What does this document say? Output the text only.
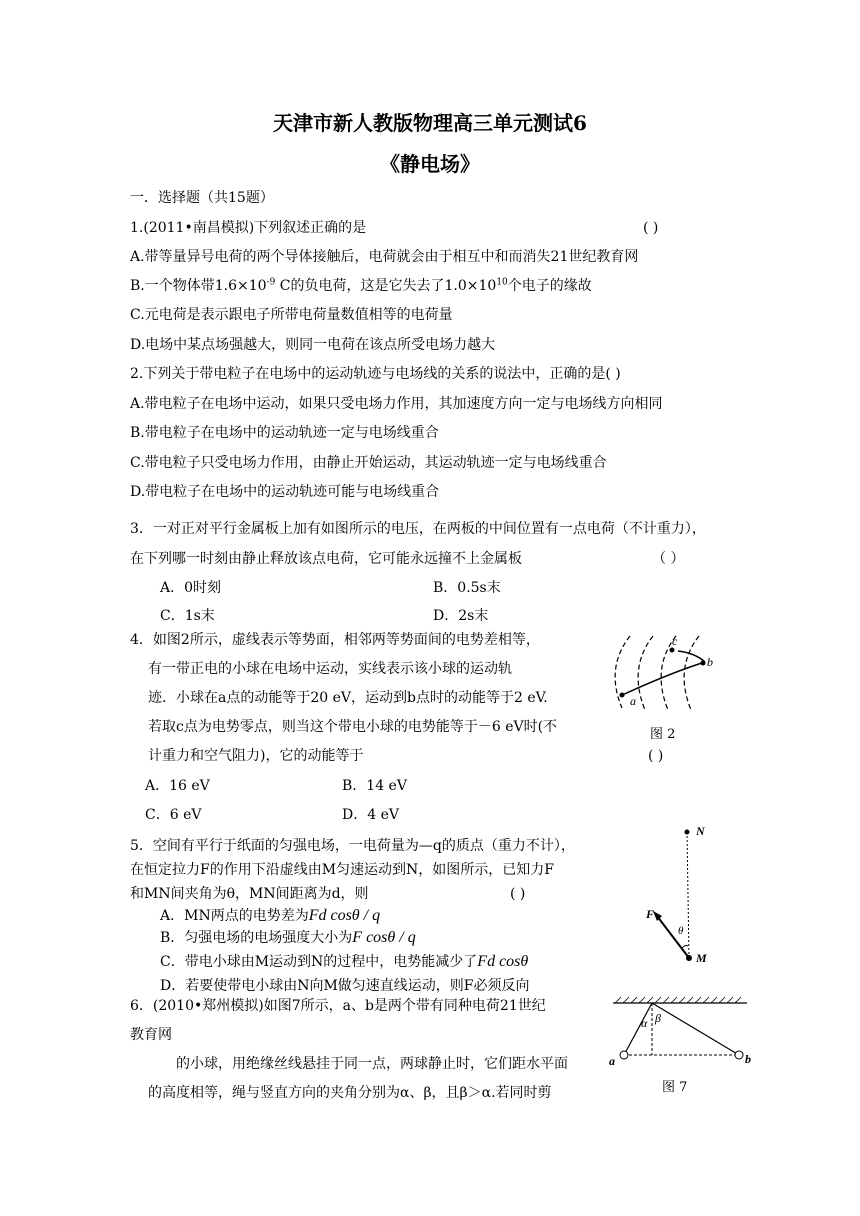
天津市新人教版物理高三单元测试6
《静电场》
一．选择题（共15题）
1.(2011•南昌模拟)下列叙述正确的是	( )
A.带等量异号电荷的两个导体接触后，电荷就会由于相互中和而消失21世纪教育网
B.一个物体带$1.6\times 10^{-9}$ C的负电荷，这是它失去了$1.0\times 10^{10}$个电子的缘故
C.元电荷是表示跟电子所带电荷量数值相等的电荷量
D.电场中某点场强越大，则同一电荷在该点所受电场力越大
2.下列关于带电粒子在电场中的运动轨迹与电场线的关系的说法中，正确的是( )
A.带电粒子在电场中运动，如果只受电场力作用，其加速度方向一定与电场线方向相同
B.带电粒子在电场中的运动轨迹一定与电场线重合
C.带电粒子只受电场力作用，由静止开始运动，其运动轨迹一定与电场线重合
D.带电粒子在电场中的运动轨迹可能与电场线重合
3．一对正对平行金属板上加有如图所示的电压，在两板的中间位置有一点电荷（不计重力），
在下列哪一时刻由静止释放该点电荷，它可能永远撞不上金属板	（ ）
A．0时刻	B．0.5s末
C．1s末	D．2s末
4．如图2所示，虚线表示等势面，相邻两等势面间的电势差相等，
有一带正电的小球在电场中运动，实线表示该小球的运动轨
迹．小球在a点的动能等于20 eV，运动到b点时的动能等于2 eV.
若取c点为电势零点，则当这个带电小球的电势能等于－6 eV时(不
计重力和空气阻力)，它的动能等于	( )
A．16 eV	B．14 eV
C．6 eV	D．4 eV
c
b
a
图 2
5．空间有平行于纸面的匀强电场，一电荷量为—q的质点（重力不计），
在恒定拉力F的作用下沿虚线由M匀速运动到N，如图所示，已知力F
和MN间夹角为θ，MN间距离为d，则	( )
A．MN两点的电势差为Fd cosθ / q
B．匀强电场的电场强度大小为F cosθ / q
C．带电小球由M运动到N的过程中，电势能减少了Fd cosθ
D．若要使带电小球由N向M做匀速直线运动，则F必须反向
N
F
θ
M
6．(2010•郑州模拟)如图7所示，a、b是两个带有同种电荷21世纪
教育网
的小球，用绝缘丝线悬挂于同一点，两球静止时，它们距水平面
的高度相等，绳与竖直方向的夹角分别为α、β，且β＞α.若同时剪
α β
a	b
图 7
